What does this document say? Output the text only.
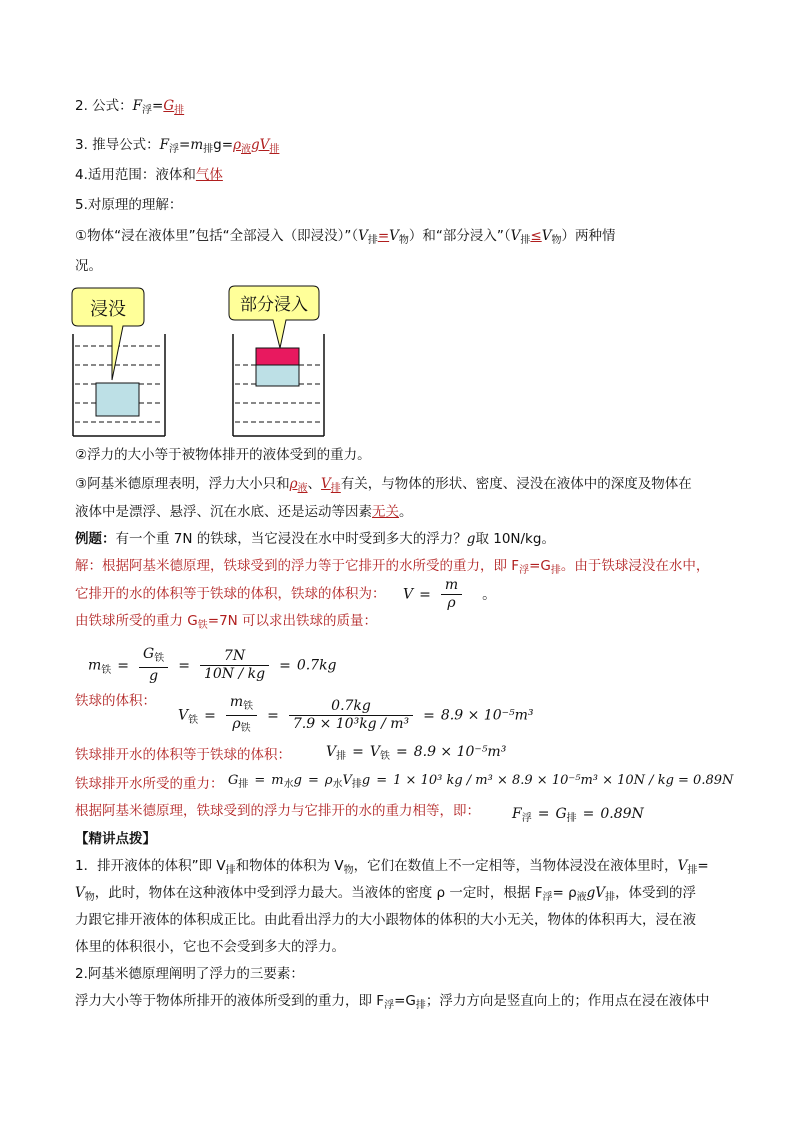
2. 公式：$F_浮=G_排$
3. 推导公式：$F_浮=m_排g=\rho_液gV_排$
4.适用范围：液体和气体
5.对原理的理解：
①物体“浸在液体里”包括“全部浸入（即浸没）$”(V_排=V_物)$和“部分浸入$”(V_排\le V_物)$两种情
况。
浸没	部分浸入
②浮力的大小等于被物体排开的液体受到的重力。
③阿基米德原理表明，浮力大小只和$\rho_液$、$V_排$有关，与物体的形状、密度、浸没在液体中的深度及物体在
液体中是漂浮、悬浮、沉在水底、还是运动等因素无关。
例题：有一个重 7N 的铁球，当它浸没在水中时受到多大的浮力？g取 10N/kg。
解：根据阿基米德原理，铁球受到的浮力等于它排开的水所受的重力，即 $F_浮=G_排$。由于铁球浸没在水中，
它排开的水的体积等于铁球的体积，铁球的体积为： $V = \frac{m}{\rho}$ 。
由铁球所受的重力 $G_铁=7N$ 可以求出铁球的质量：
$m_铁 = \frac{G_铁}{g} = \frac{7N}{10N / kg} = 0.7kg$
铁球的体积：
$V_铁 = \frac{m_铁}{\rho_铁} = \frac{0.7kg}{\text{7.9 × 10³kg / m³}} = 8.9 \times 10^{-5}m^3$
铁球排开水的体积等于铁球的体积：	$V_排 = V_铁 = 8.9 \times 10^{-5}m^3$
铁球排开水所受的重力： $G_排 = m_水g = \rho_水V_排g = 1 \times 10^3$ kg / m³ × 8.9 × 10⁻⁵m³ × 10N / kg = 0.89N
根据阿基米德原理，铁球受到的浮力与它排开的水的重力相等，即： $F_浮 = G_排 = 0.89N$
【精讲点拨】
1．排开液体的体积”即 $V_排$和物体的体积为 $V_物$，它们在数值上不一定相等，当物体浸没在液体里时，$V_排=$
$V_物$，此时，物体在这种液体中受到浮力最大。当液体的密度 ρ 一定时，根据 $F_浮= \rho_液gV_排$，体受到的浮
力跟它排开液体的体积成正比。由此看出浮力的大小跟物体的体积的大小无关，物体的体积再大，浸在液
体里的体积很小，它也不会受到多大的浮力。
2.阿基米德原理阐明了浮力的三要素：
浮力大小等于物体所排开的液体所受到的重力，即 $F_浮=G_排$；浮力方向是竖直向上的；作用点在浸在液体中
